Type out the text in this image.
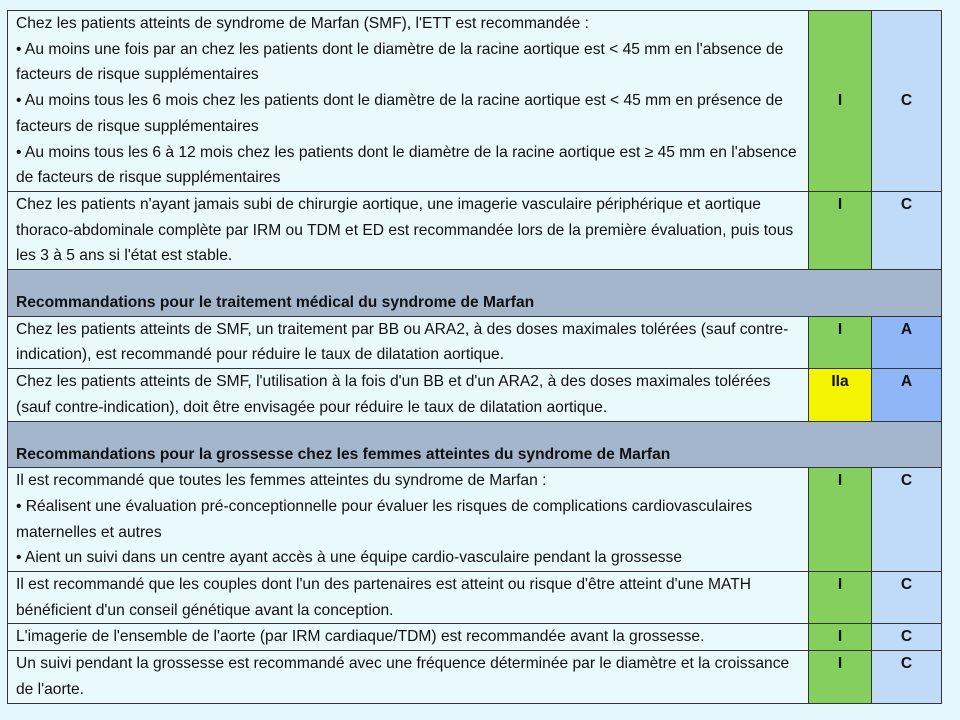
Chez les patients atteints de syndrome de Marfan (SMF), l'ETT est recommandée :
• Au moins une fois par an chez les patients dont le diamètre de la racine aortique est < 45 mm en l'absence de facteurs de risque supplémentaires
• Au moins tous les 6 mois chez les patients dont le diamètre de la racine aortique est < 45 mm en présence de facteurs de risque supplémentaires
• Au moins tous les 6 à 12 mois chez les patients dont le diamètre de la racine aortique est ≥ 45 mm en l'absence de facteurs de risque supplémentaires	I	C

Chez les patients n'ayant jamais subi de chirurgie aortique, une imagerie vasculaire périphérique et aortique thoraco-abdominale complète par IRM ou TDM et ED est recommandée lors de la première évaluation, puis tous les 3 à 5 ans si l'état est stable.	I	C
Recommandations pour le traitement médical du syndrome de Marfan		

Chez les patients atteints de SMF, un traitement par BB ou ARA2, à des doses maximales tolérées (sauf contre-indication), est recommandé pour réduire le taux de dilatation aortique.	I	A

Chez les patients atteints de SMF, l'utilisation à la fois d'un BB et d'un ARA2, à des doses maximales tolérées (sauf contre-indication), doit être envisagée pour réduire le taux de dilatation aortique.	IIa	A
Recommandations pour la grossesse chez les femmes atteintes du syndrome de Marfan		

Il est recommandé que toutes les femmes atteintes du syndrome de Marfan :
• Réalisent une évaluation pré-conceptionnelle pour évaluer les risques de complications cardiovasculaires maternelles et autres
• Aient un suivi dans un centre ayant accès à une équipe cardio-vasculaire pendant la grossesse	I	C

Il est recommandé que les couples dont l'un des partenaires est atteint ou risque d'être atteint d'une MATH bénéficient d'un conseil génétique avant la conception.	I	C

L'imagerie de l'ensemble de l'aorte (par IRM cardiaque/TDM) est recommandée avant la grossesse.	I	C

Un suivi pendant la grossesse est recommandé avec une fréquence déterminée par le diamètre et la croissance de l'aorte.	I	C
